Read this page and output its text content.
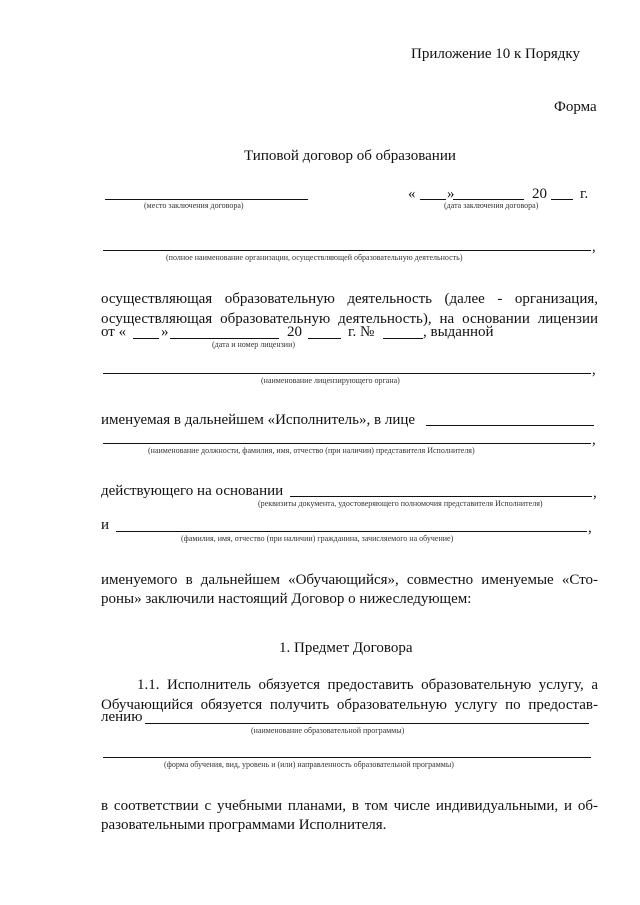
Приложение 10 к Порядку
Форма
Типовой договор об образовании
(место заключения договора)
« »	20 г.
(дата заключения договора)
,
(полное наименование организации, осуществляющей образовательную деятельность)
осуществляющая образовательную деятельность (далее - организация,
осуществляющая образовательную деятельность), на основании лицензии
от « »	20	г. №	, выданной
(дата и номер лицензии)
,
(наименование лицензирующего органа)
именуемая в дальнейшем «Исполнитель», в лице
,
(наименование должности, фамилия, имя, отчество (при наличии) представителя Исполнителя)
действующего на основании	,
(реквизиты документа, удостоверяющего полномочия представителя Исполнителя)
и	,
(фамилия, имя, отчество (при наличии) гражданина, зачисляемого на обучение)
именуемого в дальнейшем «Обучающийся», совместно именуемые «Сто-
роны» заключили настоящий Договор о нижеследующем:
1. Предмет Договора
1.1. Исполнитель обязуется предоставить образовательную услугу, а
Обучающийся обязуется получить образовательную услугу по предостав-
лению
(наименование образовательной программы)
(форма обучения, вид, уровень и (или) направленность образовательной программы)
в соответствии с учебными планами, в том числе индивидуальными, и об-
разовательными программами Исполнителя.
